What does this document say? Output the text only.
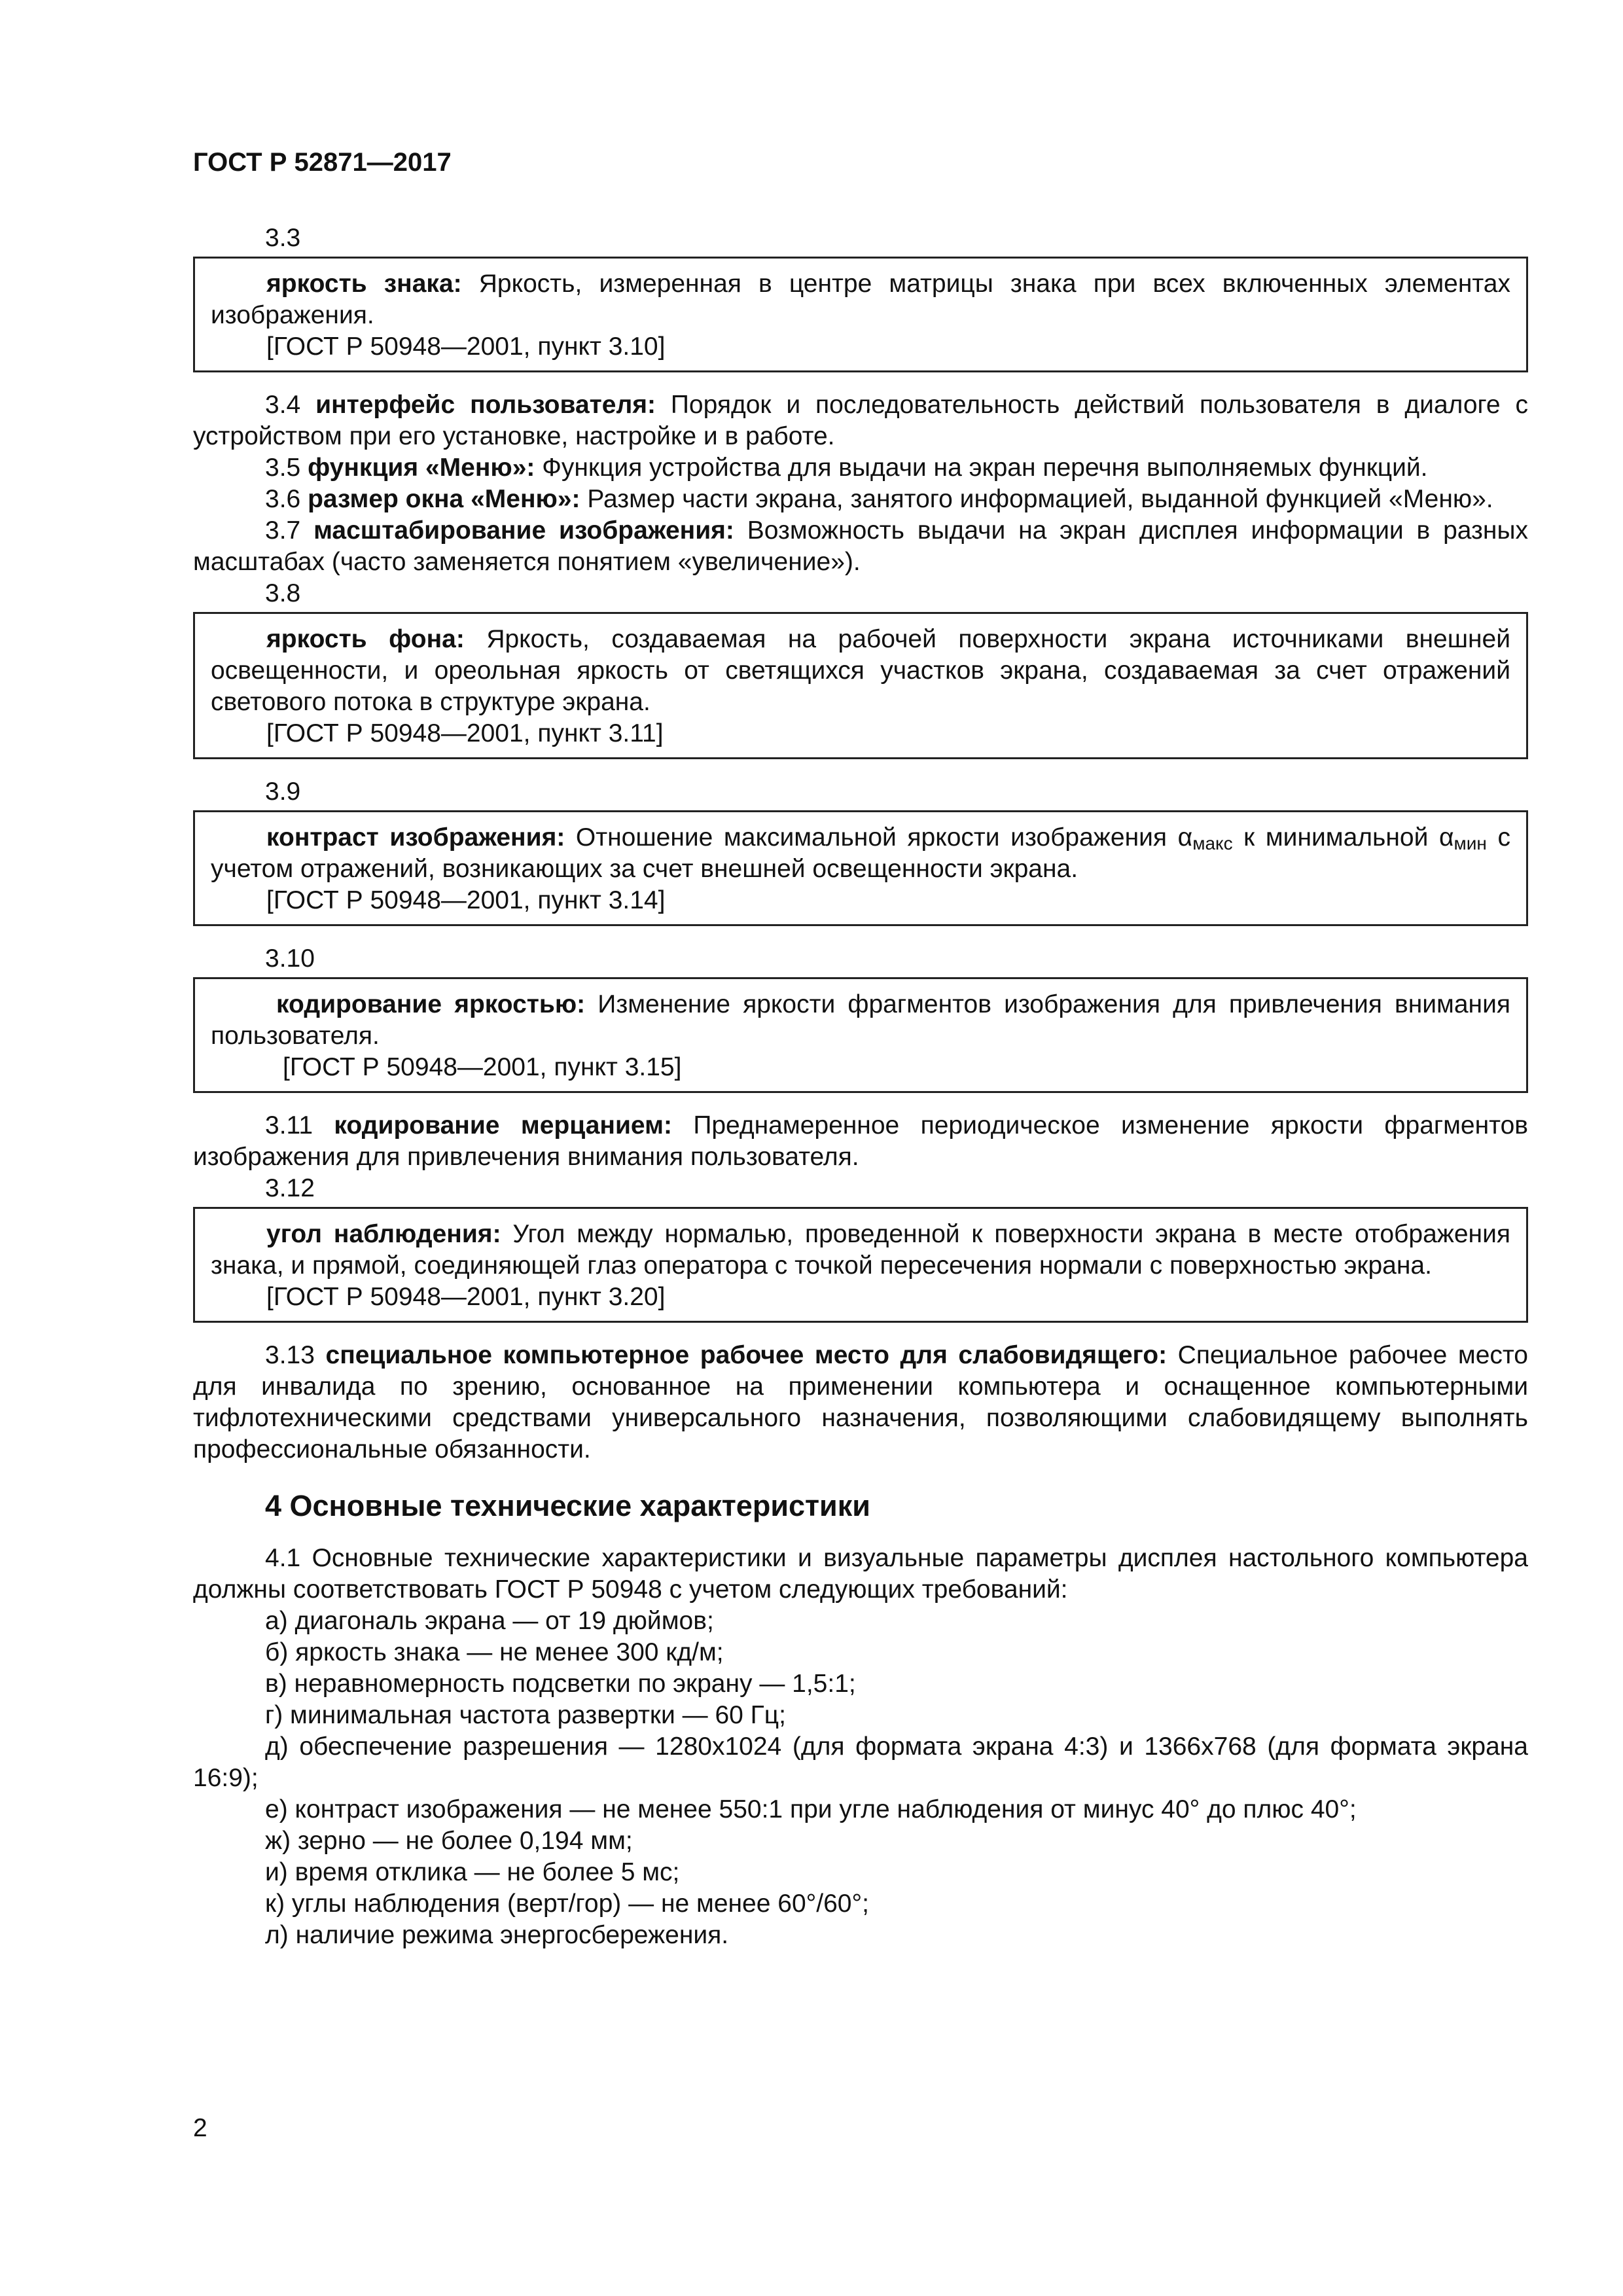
ГОСТ Р 52871—2017

3.3

яркость знака: Яркость, измеренная в центре матрицы знака при всех включенных элементах изображения.

[ГОСТ Р 50948—2001, пункт 3.10]

3.4 интерфейс пользователя: Порядок и последовательность действий пользователя в диалоге с устройством при его установке, настройке и в работе.

3.5 функция «Меню»: Функция устройства для выдачи на экран перечня выполняемых функций.

3.6 размер окна «Меню»: Размер части экрана, занятого информацией, выданной функцией «Меню».

3.7 масштабирование изображения: Возможность выдачи на экран дисплея информации в разных масштабах (часто заменяется понятием «увеличение»).

3.8

яркость фона: Яркость, создаваемая на рабочей поверхности экрана источниками внешней освещенности, и ореольная яркость от светящихся участков экрана, создаваемая за счет отражений светового потока в структуре экрана.

[ГОСТ Р 50948—2001, пункт 3.11]

3.9

контраст изображения: Отношение максимальной яркости изображения $\alpha_{макс}$ к минимальной $\alpha_{мин}$ с учетом отражений, возникающих за счет внешней освещенности экрана.

[ГОСТ Р 50948—2001, пункт 3.14]

3.10

кодирование яркостью: Изменение яркости фрагментов изображения для привлечения внимания пользователя.

[ГОСТ Р 50948—2001, пункт 3.15]

3.11 кодирование мерцанием: Преднамеренное периодическое изменение яркости фрагментов изображения для привлечения внимания пользователя.

3.12

угол наблюдения: Угол между нормалью, проведенной к поверхности экрана в месте отображения знака, и прямой, соединяющей глаз оператора с точкой пересечения нормали с поверхностью экрана.

[ГОСТ Р 50948—2001, пункт 3.20]

3.13 специальное компьютерное рабочее место для слабовидящего: Специальное рабочее место для инвалида по зрению, основанное на применении компьютера и оснащенное компьютерными тифлотехническими средствами универсального назначения, позволяющими слабовидящему выполнять профессиональные обязанности.

4 Основные технические характеристики

4.1 Основные технические характеристики и визуальные параметры дисплея настольного компьютера должны соответствовать ГОСТ Р 50948 с учетом следующих требований:

а) диагональ экрана — от 19 дюймов;

б) яркость знака — не менее 300 кд/м;

в) неравномерность подсветки по экрану — 1,5:1;

г) минимальная частота развертки — 60 Гц;

д) обеспечение разрешения — 1280x1024 (для формата экрана 4:3) и 1366x768 (для формата экрана 16:9);

е) контраст изображения — не менее 550:1 при угле наблюдения от минус 40° до плюс 40°;

ж) зерно — не более 0,194 мм;

и) время отклика — не более 5 мс;

к) углы наблюдения (верт/гор) — не менее 60°/60°;

л) наличие режима энергосбережения.

2
